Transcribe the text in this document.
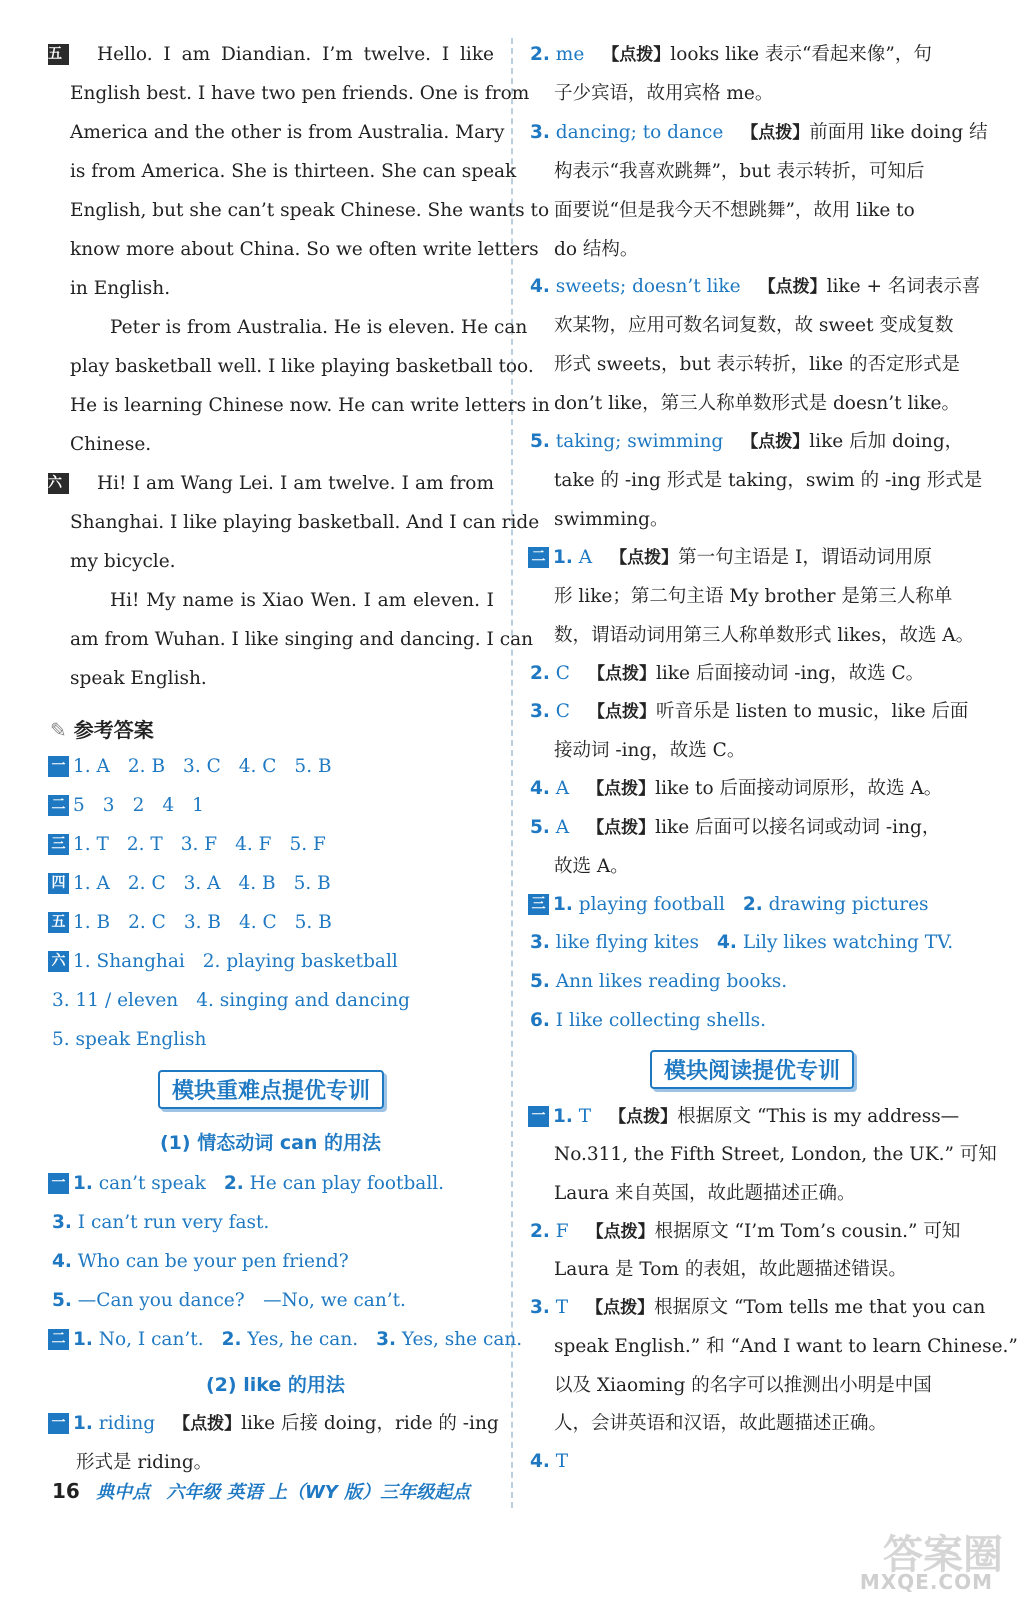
五 Hello. I am Diandian. I’m twelve. I like
English best. I have two pen friends. One is from
America and the other is from Australia. Mary
is from America. She is thirteen. She can speak
English, but she can’t speak Chinese. She wants to
know more about China. So we often write letters
in English.
Peter is from Australia. He is eleven. He can
play basketball well. I like playing basketball too.
He is learning Chinese now. He can write letters in
Chinese.
六 Hi! I am Wang Lei. I am twelve. I am from
Shanghai. I like playing basketball. And I can ride
my bicycle.
Hi! My name is Xiao Wen. I am eleven. I
am from Wuhan. I like singing and dancing. I can
speak English.
✎ 参考答案
一 1. A 2. B 3. C 4. C 5. B
二 5 3 2 4 1
三 1. T 2. T 3. F 4. F 5. F
四 1. A 2. C 3. A 4. B 5. B
五 1. B 2. C 3. B 4. C 5. B
六 1. Shanghai 2. playing basketball
3. 11 / eleven 4. singing and dancing
5. speak English
模块重难点提优专训
(1) 情态动词 can 的用法
一 1. can’t speak 2. He can play football.
3. I can’t run very fast.
4. Who can be your pen friend?
5. —Can you dance?　—No, we can’t.
二 1. No, I can’t. 2. Yes, he can. 3. Yes, she can.
(2) like 的用法
一 1. riding 【点拨】like 后接 doing，ride 的 -ing
形式是 riding。
2. me 【点拨】looks like 表示“看起来像”，句
子少宾语，故用宾格 me。
3. dancing; to dance 【点拨】前面用 like doing 结
构表示“我喜欢跳舞”，but 表示转折，可知后
面要说“但是我今天不想跳舞”，故用 like to
do 结构。
4. sweets; doesn’t like 【点拨】like + 名词表示喜
欢某物，应用可数名词复数，故 sweet 变成复数
形式 sweets，but 表示转折，like 的否定形式是
don’t like，第三人称单数形式是 doesn’t like。
5. taking; swimming 【点拨】like 后加 doing，
take 的 -ing 形式是 taking，swim 的 -ing 形式是
swimming。
二 1. A 【点拨】第一句主语是 I，谓语动词用原
形 like；第二句主语 My brother 是第三人称单
数，谓语动词用第三人称单数形式 likes，故选 A。
2. C 【点拨】like 后面接动词 -ing，故选 C。
3. C 【点拨】听音乐是 listen to music，like 后面
接动词 -ing，故选 C。
4. A 【点拨】like to 后面接动词原形，故选 A。
5. A 【点拨】like 后面可以接名词或动词 -ing，
故选 A。
三 1. playing football 2. drawing pictures
3. like flying kites 4. Lily likes watching TV.
5. Ann likes reading books.
6. I like collecting shells.
模块阅读提优专训
一 1. T 【点拨】根据原文 “This is my address—
No.311, the Fifth Street, London, the UK.” 可知
Laura 来自英国，故此题描述正确。
2. F 【点拨】根据原文 “I’m Tom’s cousin.” 可知
Laura 是 Tom 的表姐，故此题描述错误。
3. T 【点拨】根据原文 “Tom tells me that you can
speak English.” 和 “And I want to learn Chinese.”
以及 Xiaoming 的名字可以推测出小明是中国
人，会讲英语和汉语，故此题描述正确。
4. T
16 典中点 六年级 英语 上（WY 版）三年级起点
答案圈
MXQE.COM
